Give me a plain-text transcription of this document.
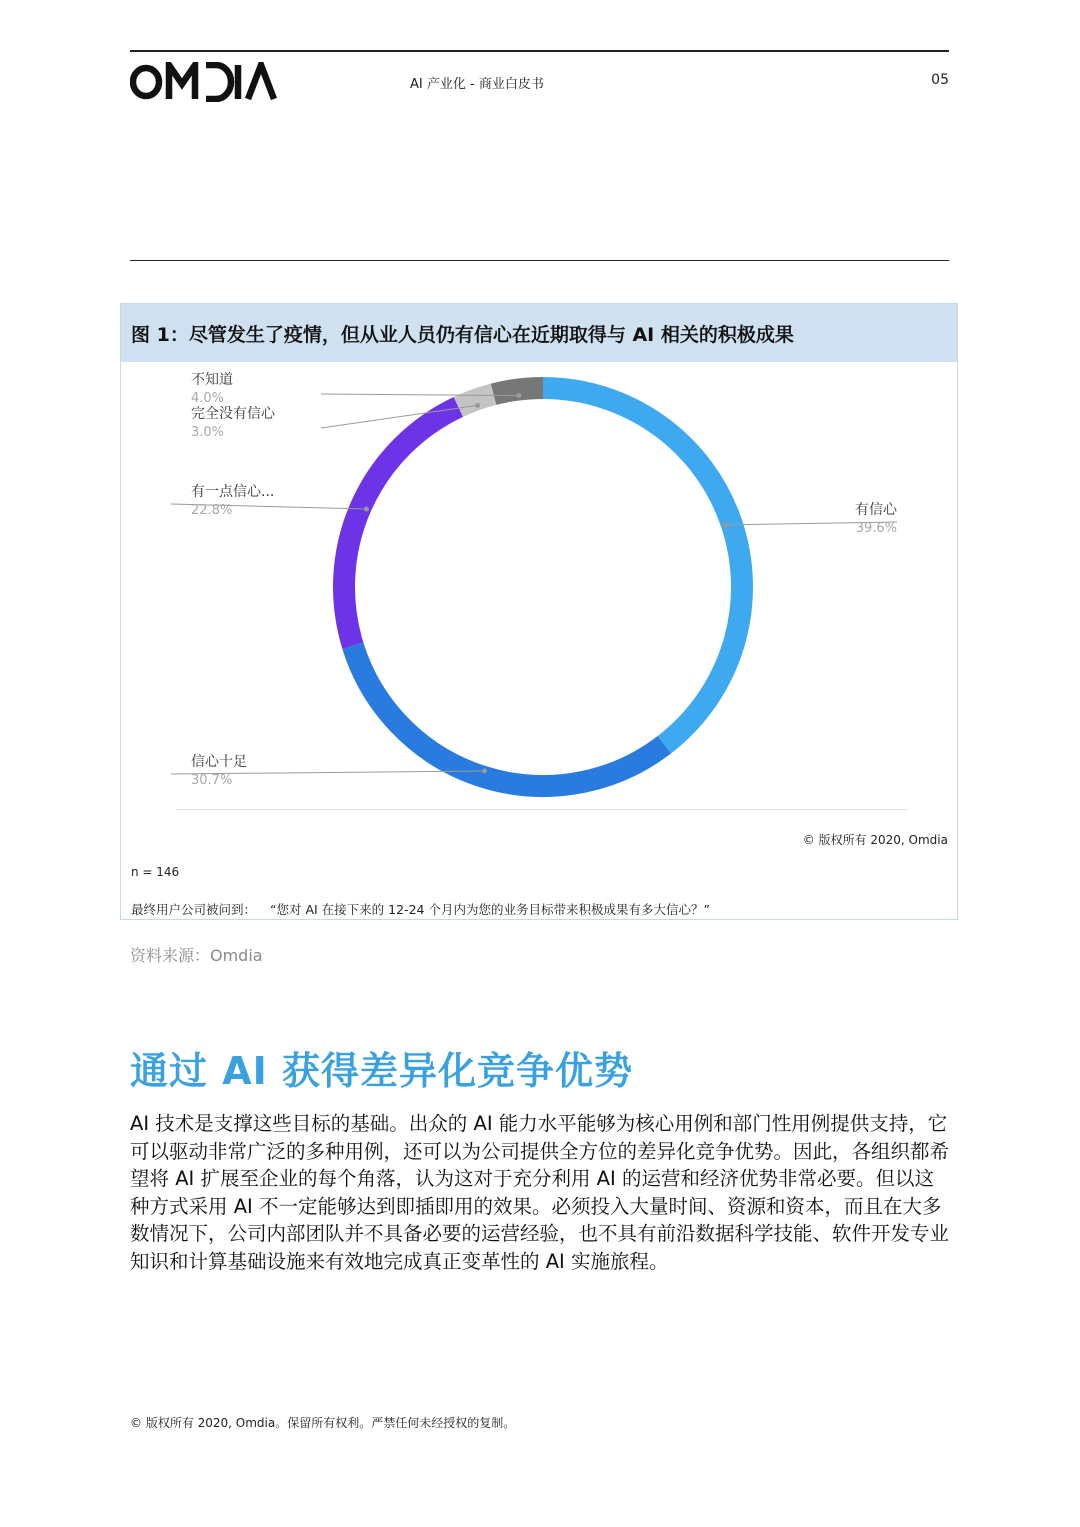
AI 产业化 - 商业白皮书	05
图 1：尽管发生了疫情，但从业人员仍有信心在近期取得与 AI 相关的积极成果
有信心
39.6%
信心十足
30.7%
有一点信心...
22.8%
完全没有信心
3.0%
不知道
4.0%
© 版权所有 2020, Omdia
n = 146
最终用户公司被问到： “您对 AI 在接下来的 12-24 个月内为您的业务目标带来积极成果有多大信心？”
资料来源：Omdia
通过 AI 获得差异化竞争优势
AI 技术是支撑这些目标的基础。出众的 AI 能力水平能够为核心用例和部门性用例提供支持，它可以驱动非常广泛的多种用例，还可以为公司提供全方位的差异化竞争优势。因此，各组织都希望将 AI 扩展至企业的每个角落，认为这对于充分利用 AI 的运营和经济优势非常必要。但以这种方式采用 AI 不一定能够达到即插即用的效果。必须投入大量时间、资源和资本，而且在大多数情况下，公司内部团队并不具备必要的运营经验，也不具有前沿数据科学技能、软件开发专业知识和计算基础设施来有效地完成真正变革性的 AI 实施旅程。
© 版权所有 2020, Omdia。保留所有权利。严禁任何未经授权的复制。
